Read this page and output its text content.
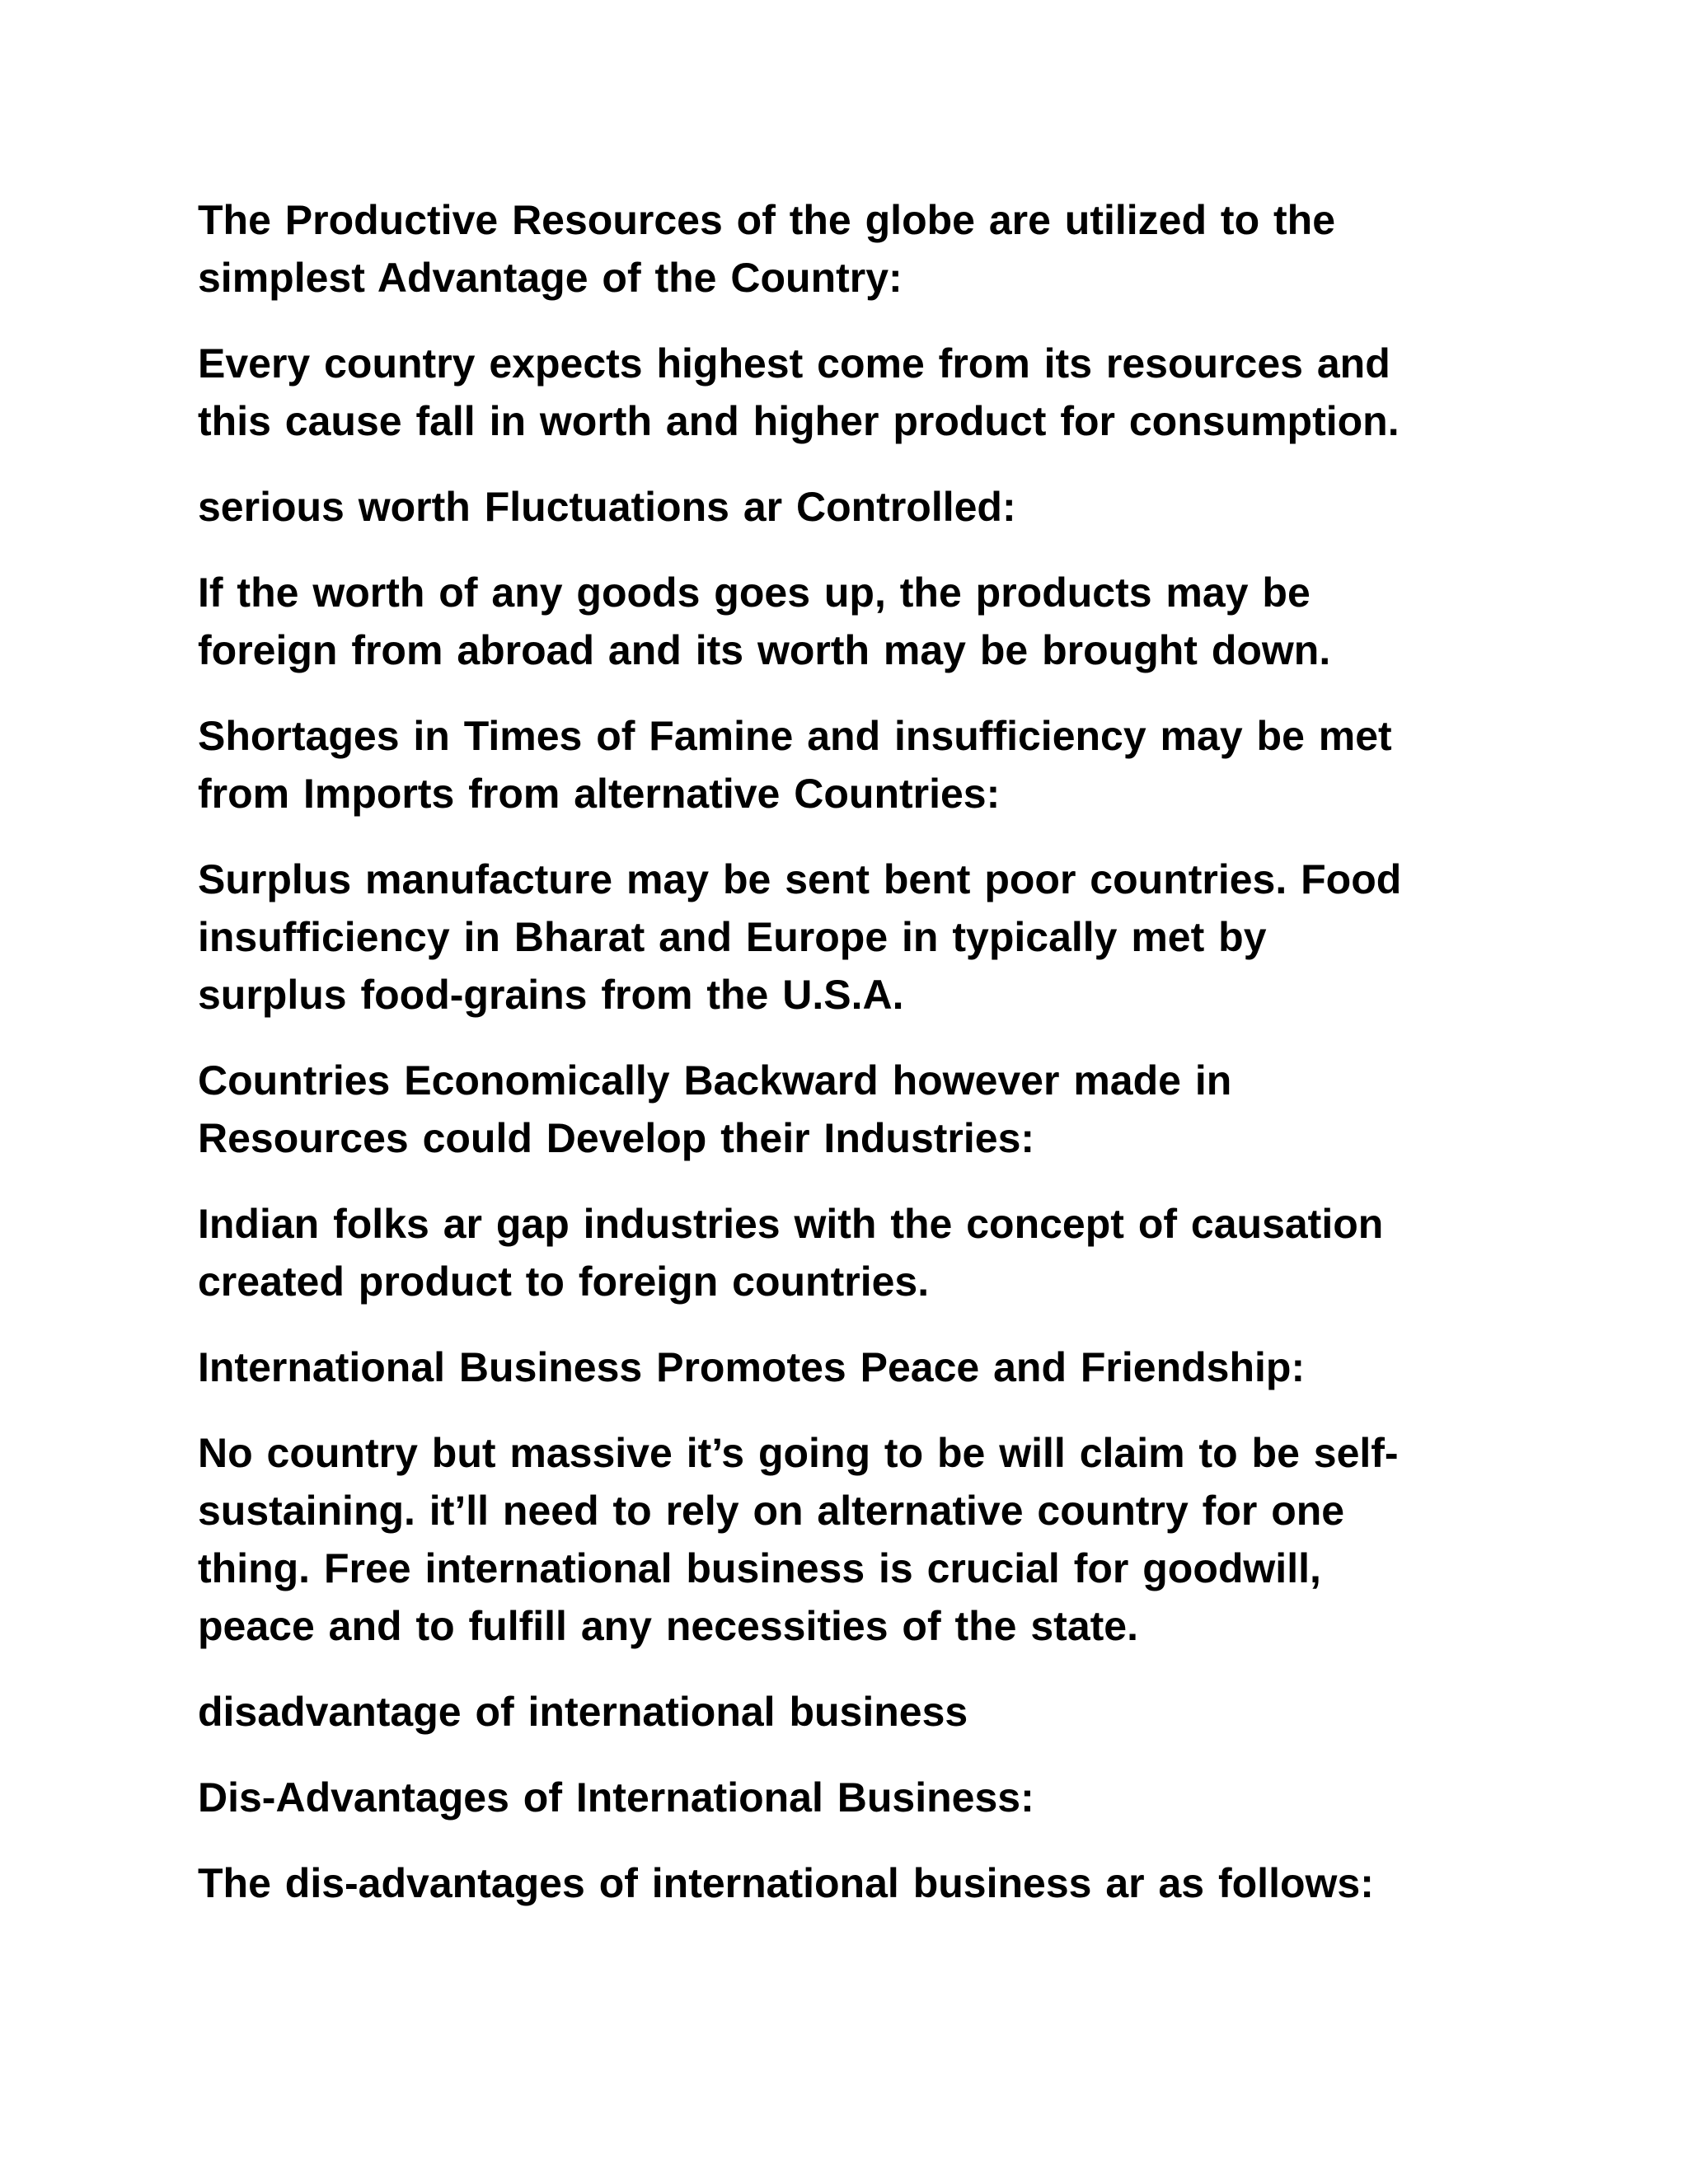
The Productive Resources of the globe are utilized to the
simplest Advantage of the Country:

Every country expects highest come from its resources and
this cause fall in worth and higher product for consumption.

serious worth Fluctuations ar Controlled:

If the worth of any goods goes up, the products may be
foreign from abroad and its worth may be brought down.

Shortages in Times of Famine and insufficiency may be met
from Imports from alternative Countries:

Surplus manufacture may be sent bent poor countries. Food
insufficiency in Bharat and Europe in typically met by
surplus food-grains from the U.S.A.

Countries Economically Backward however made in
Resources could Develop their Industries:

Indian folks ar gap industries with the concept of causation
created product to foreign countries.

International Business Promotes Peace and Friendship:

No country but massive it’s going to be will claim to be self-
sustaining. it’ll need to rely on alternative country for one
thing. Free international business is crucial for goodwill,
peace and to fulfill any necessities of the state.

disadvantage of international business

Dis-Advantages of International Business:

The dis-advantages of international business ar as follows:
